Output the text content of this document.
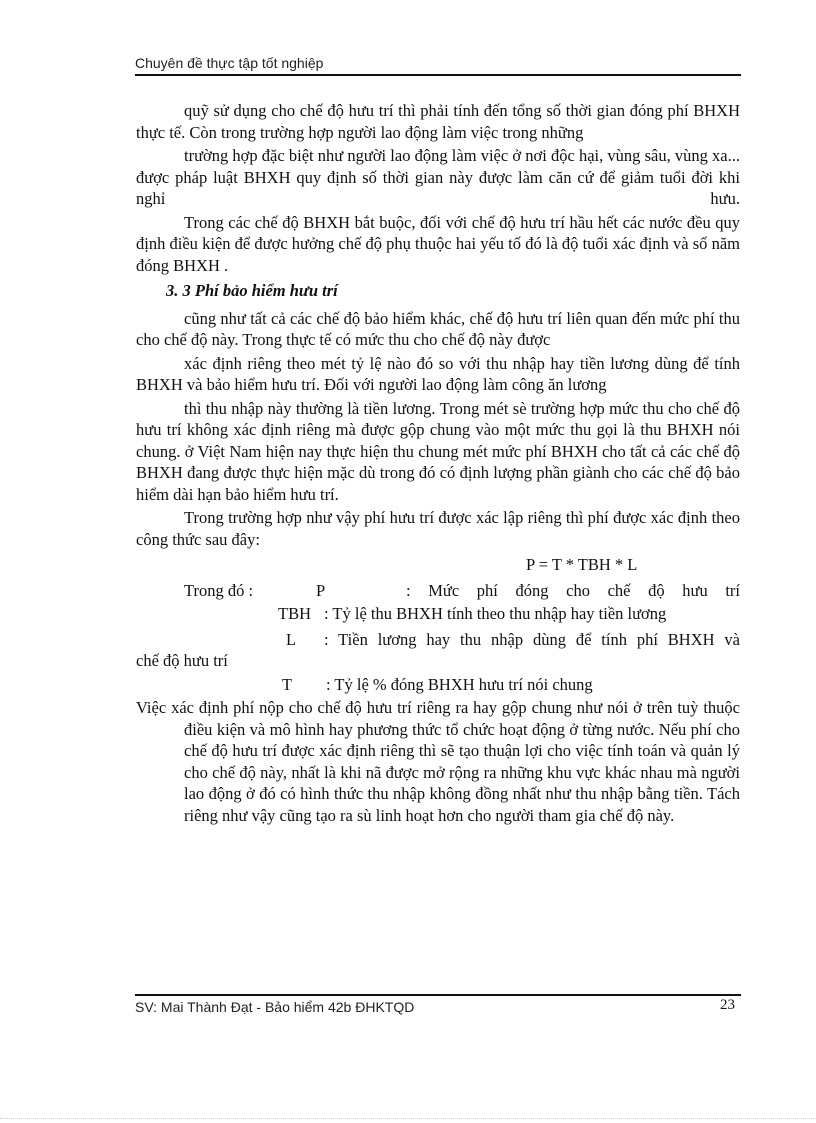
Chuyên đề thực tập tốt nghiệp

quỹ sử dụng cho chế độ hưu trí thì phải tính đến tổng số thời gian đóng phí BHXH thực tế. Còn trong trường hợp người lao động làm việc trong những

trường hợp đặc biệt như người lao động làm việc ở nơi độc hại, vùng sâu, vùng xa... được pháp luật BHXH quy định số thời gian này được làm căn cứ để giảm tuổi đời khi nghỉ hưu.

Trong các chế độ BHXH bắt buộc, đối với chế độ hưu trí hầu hết các nước đều quy định điều kiện để được hưởng chế độ phụ thuộc hai yếu tố đó là độ tuổi xác định và số năm đóng BHXH .

3. 3 Phí bảo hiểm hưu trí

cũng như tất cả các chế độ bảo hiểm khác, chế độ hưu trí liên quan đến mức phí thu cho chế độ này. Trong thực tế có mức thu cho chế độ này được

xác định riêng theo mét tỷ lệ nào đó so với thu nhập hay tiền lương dùng để tính BHXH và bảo hiểm hưu trí. Đối với người lao động làm công ăn lương

thì thu nhập này thường là tiền lương. Trong mét sè trường hợp mức thu cho chế độ hưu trí không xác định riêng mà được gộp chung vào một mức thu gọi là thu BHXH nói chung. ở Việt Nam hiện nay thực hiện thu chung mét mức phí BHXH cho tất cả các chế độ BHXH đang được thực hiện mặc dù trong đó có định lượng phần giành cho các chế độ bảo hiểm dài hạn bảo hiểm hưu trí.

Trong trường hợp như vậy phí hưu trí được xác lập riêng thì phí được xác định theo công thức sau đây:

P = T * TBH * L
Trong đó :	P	: Mức phí đóng cho chế độ hưu trí
TBH : Tỷ lệ thu BHXH tính theo thu nhập hay tiền lương
L	: Tiền lương hay thu nhập dùng để tính phí BHXH và
chế độ hưu trí
T	: Tỷ lệ % đóng BHXH hưu trí nói chung

Việc xác định phí nộp cho chế độ hưu trí riêng ra hay gộp chung như nói ở trên tuỳ thuộc điều kiện và mô hình hay phương thức tổ chức hoạt động ở từng nước. Nếu phí cho chế độ hưu trí được xác định riêng thì sẽ tạo thuận lợi cho việc tính toán và quản lý cho chế độ này, nhất là khi nã được mở rộng ra những khu vực khác nhau mà người lao động ở đó có hình thức thu nhập không đồng nhất như thu nhập bằng tiền. Tách riêng như vậy cũng tạo ra sù linh hoạt hơn cho người tham gia chế độ này.

SV: Mai Thành Đạt - Bảo hiểm 42b ĐHKTQD	23
